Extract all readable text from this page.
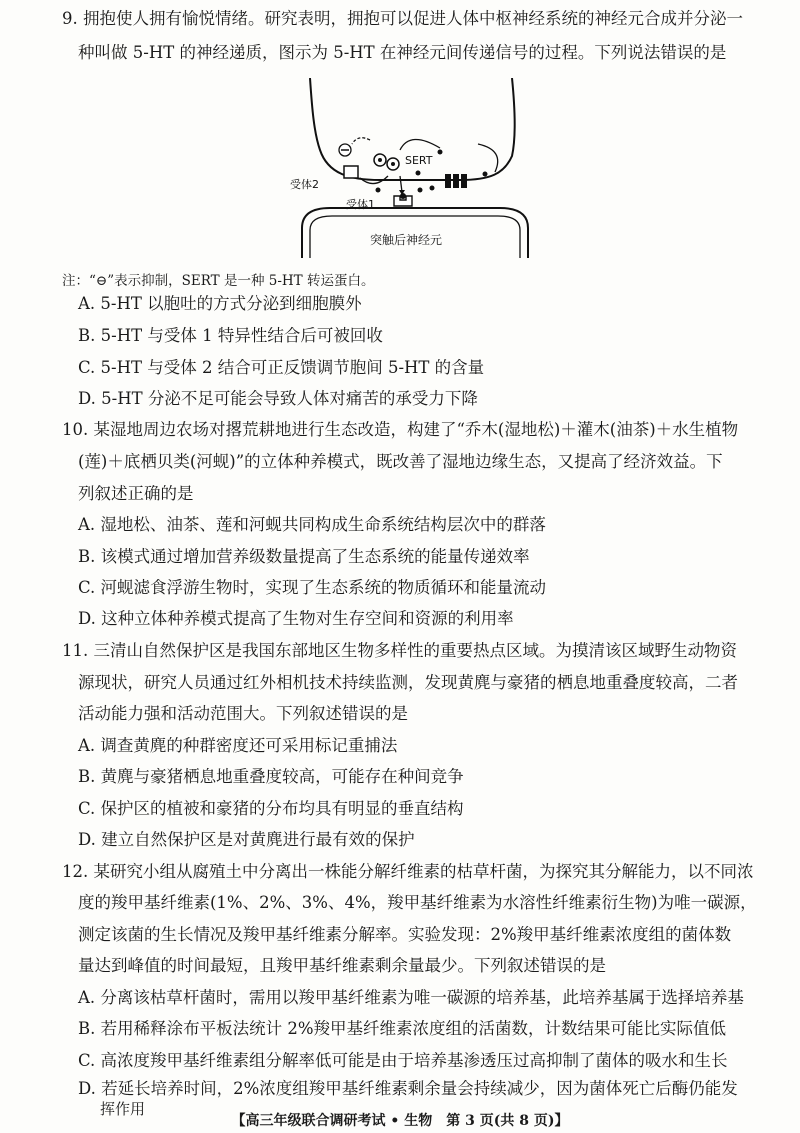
9. 拥抱使人拥有愉悦情绪。研究表明，拥抱可以促进人体中枢神经系统的神经元合成并分泌一
种叫做 5-HT 的神经递质，图示为 5-HT 在神经元间传递信号的过程。下列说法错误的是
SERT
受体2
受体1
突触后神经元
注：“⊖”表示抑制，SERT 是一种 5-HT 转运蛋白。
A. 5-HT 以胞吐的方式分泌到细胞膜外
B. 5-HT 与受体 1 特异性结合后可被回收
C. 5-HT 与受体 2 结合可正反馈调节胞间 5-HT 的含量
D. 5-HT 分泌不足可能会导致人体对痛苦的承受力下降
10. 某湿地周边农场对撂荒耕地进行生态改造，构建了“乔木(湿地松)＋灌木(油茶)＋水生植物
(莲)＋底栖贝类(河蚬)”的立体种养模式，既改善了湿地边缘生态，又提高了经济效益。下
列叙述正确的是
A. 湿地松、油茶、莲和河蚬共同构成生命系统结构层次中的群落
B. 该模式通过增加营养级数量提高了生态系统的能量传递效率
C. 河蚬滤食浮游生物时，实现了生态系统的物质循环和能量流动
D. 这种立体种养模式提高了生物对生存空间和资源的利用率
11. 三清山自然保护区是我国东部地区生物多样性的重要热点区域。为摸清该区域野生动物资
源现状，研究人员通过红外相机技术持续监测，发现黄麂与豪猪的栖息地重叠度较高，二者
活动能力强和活动范围大。下列叙述错误的是
A. 调查黄麂的种群密度还可采用标记重捕法
B. 黄麂与豪猪栖息地重叠度较高，可能存在种间竞争
C. 保护区的植被和豪猪的分布均具有明显的垂直结构
D. 建立自然保护区是对黄麂进行最有效的保护
12. 某研究小组从腐殖土中分离出一株能分解纤维素的枯草杆菌，为探究其分解能力，以不同浓
度的羧甲基纤维素(1%、2%、3%、4%，羧甲基纤维素为水溶性纤维素衍生物)为唯一碳源，
测定该菌的生长情况及羧甲基纤维素分解率。实验发现：2%羧甲基纤维素浓度组的菌体数
量达到峰值的时间最短，且羧甲基纤维素剩余量最少。下列叙述错误的是
A. 分离该枯草杆菌时，需用以羧甲基纤维素为唯一碳源的培养基，此培养基属于选择培养基
B. 若用稀释涂布平板法统计 2%羧甲基纤维素浓度组的活菌数，计数结果可能比实际值低
C. 高浓度羧甲基纤维素组分解率低可能是由于培养基渗透压过高抑制了菌体的吸水和生长
D. 若延长培养时间，2%浓度组羧甲基纤维素剩余量会持续减少，因为菌体死亡后酶仍能发
挥作用
【高三年级联合调研考试 • 生物　第 3 页(共 8 页)】
